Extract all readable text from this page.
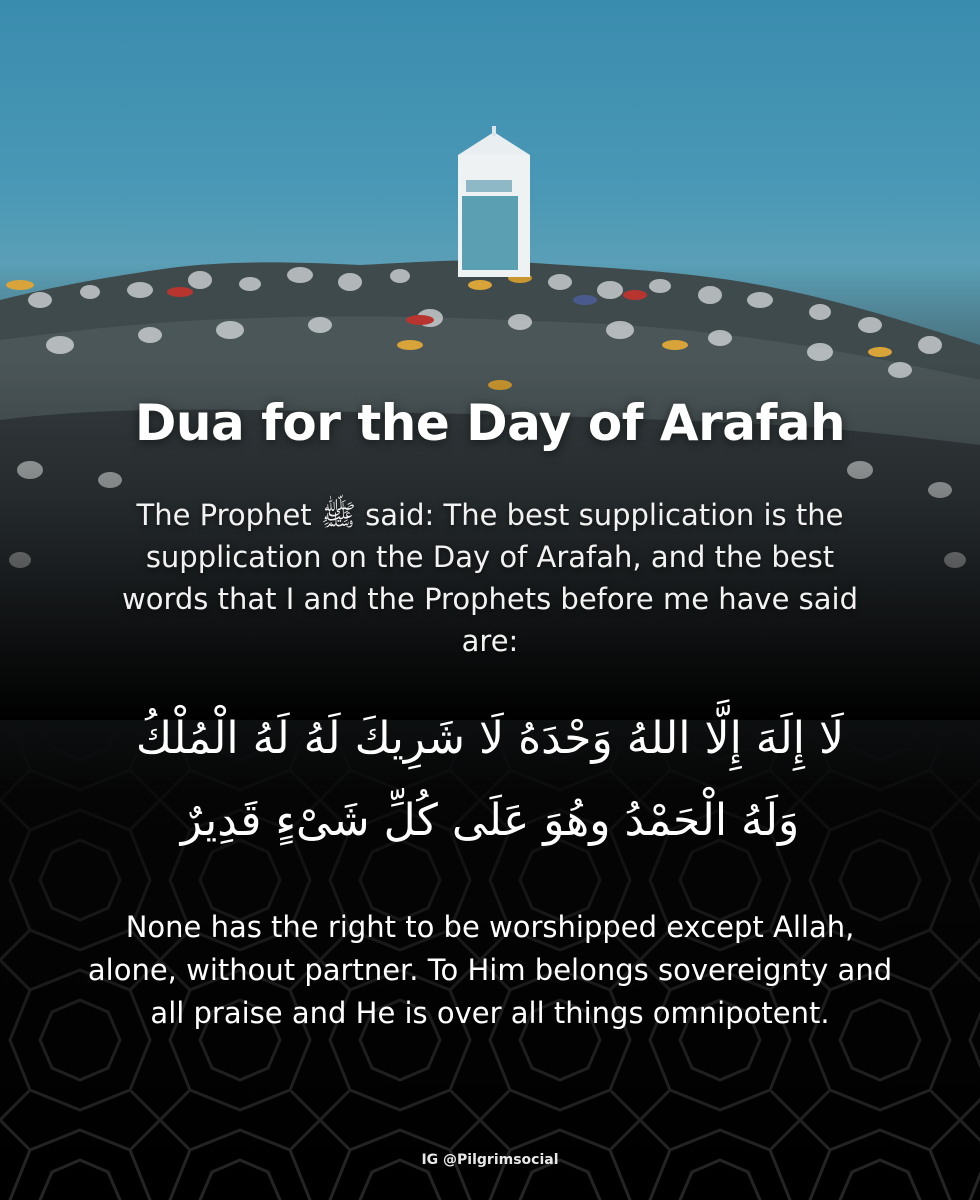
Dua for the Day of Arafah
The Prophet ﷺ said: The best supplication is the supplication on the Day of Arafah, and the best words that I and the Prophets before me have said are:
لَا إِلَهَ إِلَّا اللهُ وَحْدَهُ لَا شَرِيكَ لَهُ لَهُ الْمُلْكُ
وَلَهُ الْحَمْدُ وهُوَ عَلَى كُلِّ شَىْءٍ قَدِيرٌ
None has the right to be worshipped except Allah, alone, without partner. To Him belongs sovereignty and all praise and He is over all things omnipotent.
IG @Pilgrimsocial
